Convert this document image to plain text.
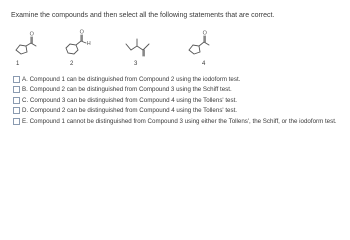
Examine the compounds and then select all the following statements that are correct.
O	O
H
O
1	2	3	4
A. Compound 1 can be distinguished from Compound 2 using the iodoform test.
B. Compound 2 can be distinguished from Compound 3 using the Schiff test.
C. Compound 3 can be distinguished from Compound 4 using the Tollens' test.
D. Compound 2 can be distinguished from Compound 4 using the Tollens' test.
E. Compound 1 cannot be distinguished from Compound 3 using either the Tollens', the Schiff, or the iodoform test.
